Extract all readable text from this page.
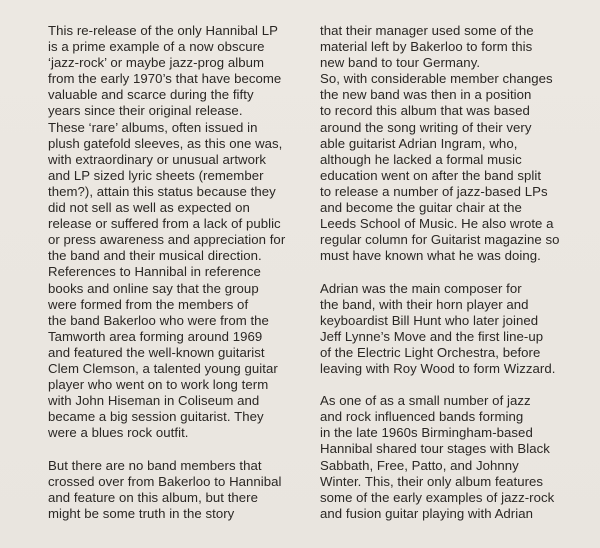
This re-release of the only Hannibal LP
is a prime example of a now obscure
‘jazz-rock’ or maybe jazz-prog album
from the early 1970’s that have become
valuable and scarce during the fifty
years since their original release.
These ‘rare’ albums, often issued in
plush gatefold sleeves, as this one was,
with extraordinary or unusual artwork
and LP sized lyric sheets (remember
them?), attain this status because they
did not sell as well as expected on
release or suffered from a lack of public
or press awareness and appreciation for
the band and their musical direction.
References to Hannibal in reference
books and online say that the group
were formed from the members of
the band Bakerloo who were from the
Tamworth area forming around 1969
and featured the well-known guitarist
Clem Clemson, a talented young guitar
player who went on to work long term
with John Hiseman in Coliseum and
became a big session guitarist. They
were a blues rock outfit.

But there are no band members that
crossed over from Bakerloo to Hannibal
and feature on this album, but there
might be some truth in the story

that their manager used some of the
material left by Bakerloo to form this
new band to tour Germany.
So, with considerable member changes
the new band was then in a position
to record this album that was based
around the song writing of their very
able guitarist Adrian Ingram, who,
although he lacked a formal music
education went on after the band split
to release a number of jazz-based LPs
and become the guitar chair at the
Leeds School of Music. He also wrote a
regular column for Guitarist magazine so
must have known what he was doing.

Adrian was the main composer for
the band, with their horn player and
keyboardist Bill Hunt who later joined
Jeff Lynne’s Move and the first line-up
of the Electric Light Orchestra, before
leaving with Roy Wood to form Wizzard.

As one of as a small number of jazz
and rock influenced bands forming
in the late 1960s Birmingham-based
Hannibal shared tour stages with Black
Sabbath, Free, Patto, and Johnny
Winter. This, their only album features
some of the early examples of jazz-rock
and fusion guitar playing with Adrian
